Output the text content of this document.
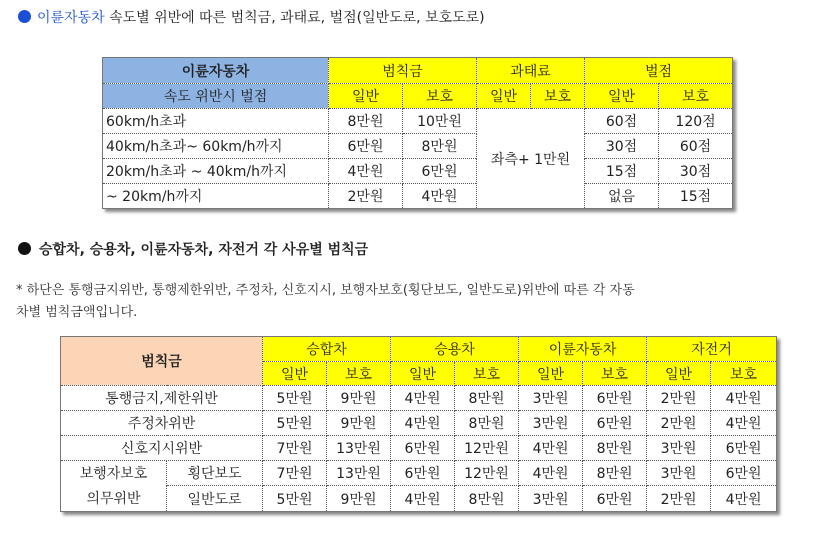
이륜자동차 속도별 위반에 따른 범칙금, 과태료, 벌점(일반도로, 보호도로)
이륜자동차	범칙금		과태료		벌점	
속도 위반시 벌점	일반	보호	일반	보호	일반	보호
60km/h초과	8만원	10만원	좌측+ 1만원		60점	120점
40km/h초과~ 60km/h까지	6만원	8만원			30점	60점
20km/h초과 ~ 40km/h까지	4만원	6만원			15점	30점
~ 20km/h까지	2만원	4만원			없음	15점
승합차, 승용차, 이륜자동차, 자전거 각 사유별 범칙금
* 하단은 통행금지위반, 통행제한위반, 주정차, 신호지시, 보행자보호(횡단보도, 일반도로)위반에 따른 각 자동
차별 범칙금액입니다.
범칙금		승합차		승용차		이륜자동차		자전거	
		일반	보호	일반	보호	일반	보호	일반	보호
통행금지,제한위반		5만원	9만원	4만원	8만원	3만원	6만원	2만원	4만원
주정차위반		5만원	9만원	4만원	8만원	3만원	6만원	2만원	4만원
신호지시위반		7만원	13만원	6만원	12만원	4만원	8만원	3만원	6만원
보행자보호	횡단보도	7만원	13만원	6만원	12만원	4만원	8만원	3만원	6만원
의무위반	일반도로	5만원	9만원	4만원	8만원	3만원	6만원	2만원	4만원
